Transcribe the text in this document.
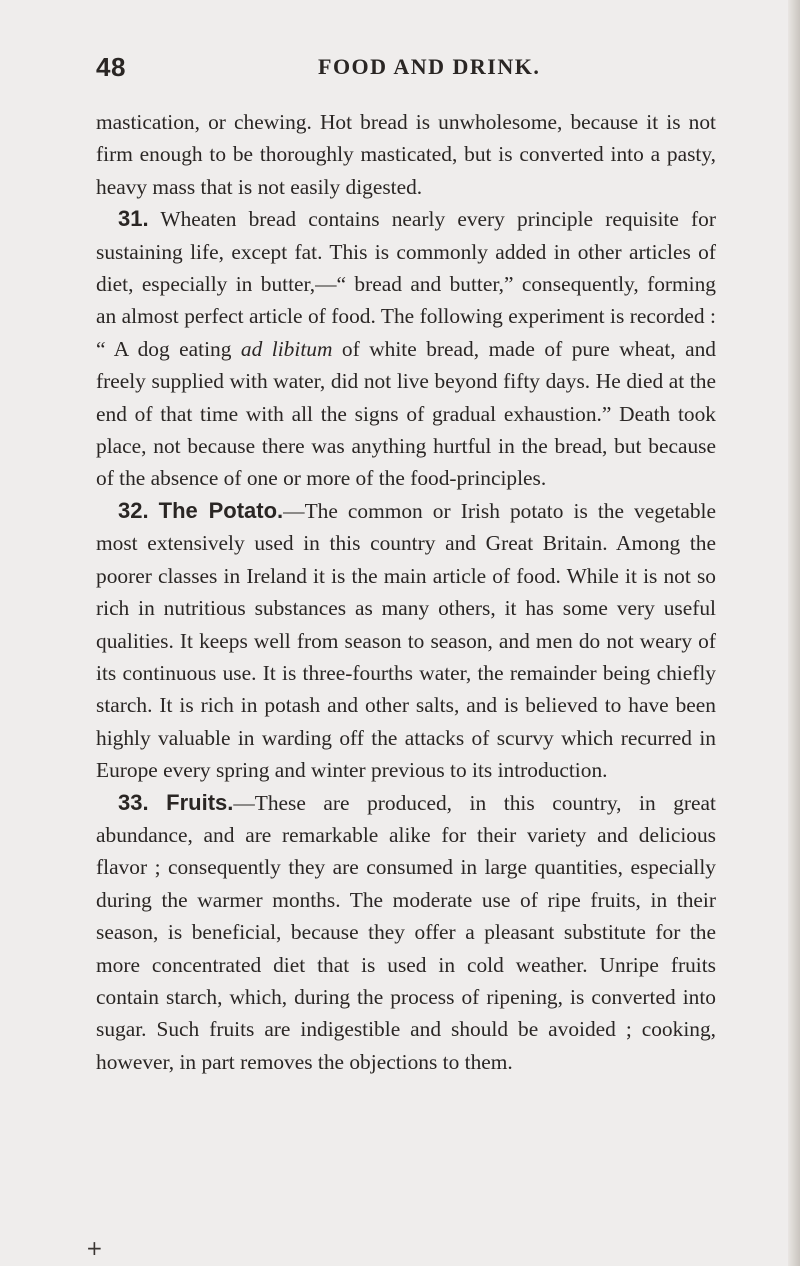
48	FOOD AND DRINK.

mastication, or chewing. Hot bread is unwholesome, because it is not firm enough to be thoroughly masticated, but is converted into a pasty, heavy mass that is not easily digested.

31. Wheaten bread contains nearly every principle requisite for sustaining life, except fat. This is commonly added in other articles of diet, especially in butter,—“ bread and butter,” consequently, forming an almost perfect article of food. The following experiment is recorded : “ A dog eating ad libitum of white bread, made of pure wheat, and freely supplied with water, did not live beyond fifty days. He died at the end of that time with all the signs of gradual exhaustion.” Death took place, not because there was anything hurtful in the bread, but because of the absence of one or more of the food-principles.

32. The Potato.—The common or Irish potato is the vegetable most extensively used in this country and Great Britain. Among the poorer classes in Ireland it is the main article of food. While it is not so rich in nutritious substances as many others, it has some very useful qualities. It keeps well from season to season, and men do not weary of its continuous use. It is three-fourths water, the remainder being chiefly starch. It is rich in potash and other salts, and is believed to have been highly valuable in warding off the attacks of scurvy which recurred in Europe every spring and winter previous to its introduction.

33. Fruits.—These are produced, in this country, in great abundance, and are remarkable alike for their variety and delicious flavor ; consequently they are consumed in large quantities, especially during the warmer months. The moderate use of ripe fruits, in their season, is beneficial, because they offer a pleasant substitute for the more concentrated diet that is used in cold weather. Unripe fruits contain starch, which, during the process of ripening, is converted into sugar. Such fruits are indigestible and should be avoided ; cooking, however, in part removes the objections to them.

+
